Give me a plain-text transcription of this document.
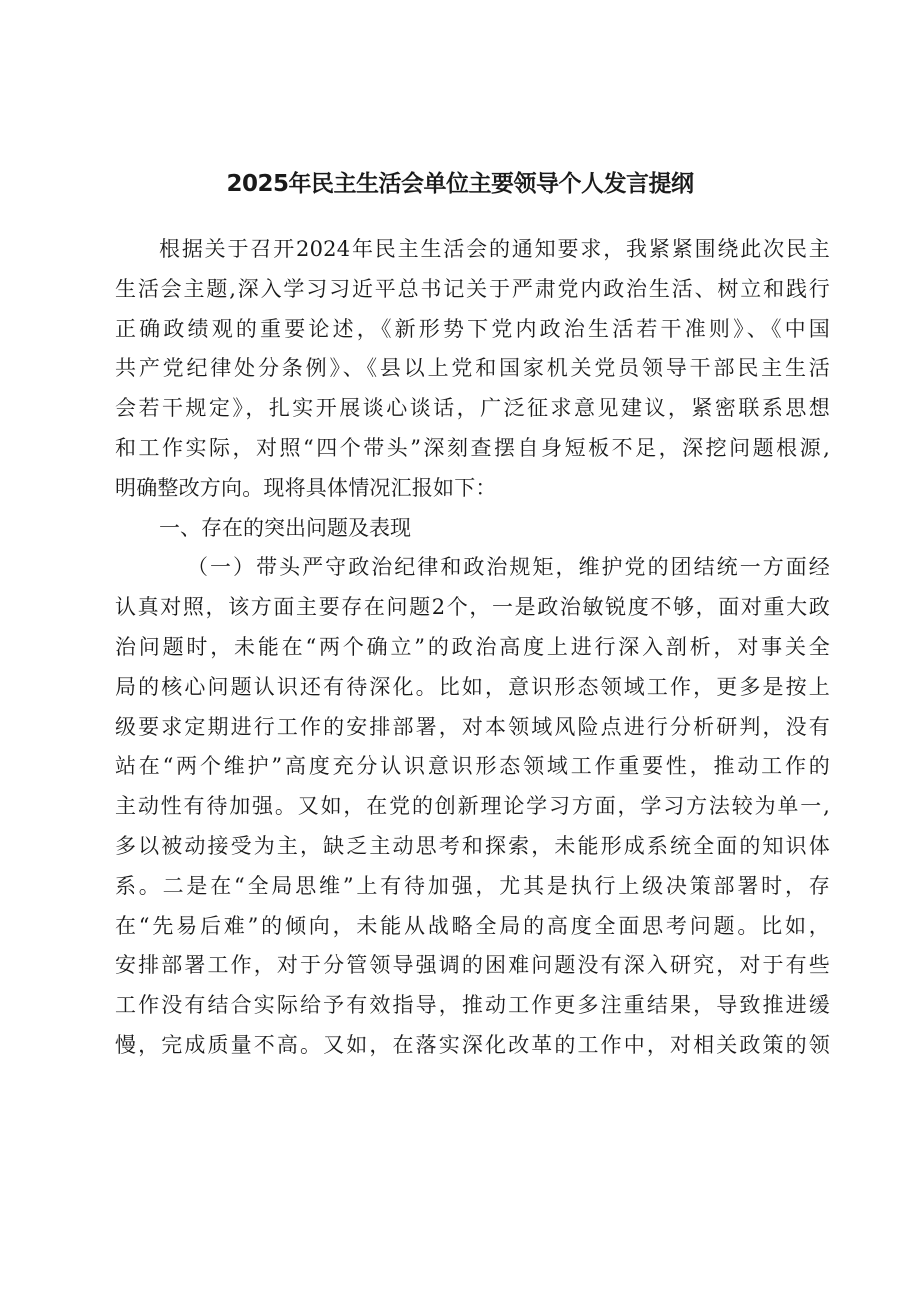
2025年民主生活会单位主要领导个人发言提纲
根据关于召开2024年民主生活会的通知要求，我紧紧围绕此次民主
生活会主题,深入学习习近平总书记关于严肃党内政治生活、树立和践行
正确政绩观的重要论述，《新形势下党内政治生活若干准则》、《中国
共产党纪律处分条例》、《县以上党和国家机关党员领导干部民主生活
会若干规定》，扎实开展谈心谈话，广泛征求意见建议，紧密联系思想
和工作实际，对照“四个带头”深刻查摆自身短板不足，深挖问题根源,
明确整改方向。现将具体情况汇报如下：
一、存在的突出问题及表现
（一）带头严守政治纪律和政治规矩，维护党的团结统一方面经
认真对照，该方面主要存在问题2个，一是政治敏锐度不够，面对重大政
治问题时，未能在“两个确立”的政治高度上进行深入剖析，对事关全
局的核心问题认识还有待深化。比如，意识形态领域工作，更多是按上
级要求定期进行工作的安排部署，对本领域风险点进行分析研判，没有
站在“两个维护”高度充分认识意识形态领域工作重要性，推动工作的
主动性有待加强。又如，在党的创新理论学习方面，学习方法较为单一,
多以被动接受为主，缺乏主动思考和探索，未能形成系统全面的知识体
系。二是在“全局思维”上有待加强，尤其是执行上级决策部署时，存
在“先易后难”的倾向，未能从战略全局的高度全面思考问题。比如，
安排部署工作，对于分管领导强调的困难问题没有深入研究，对于有些
工作没有结合实际给予有效指导，推动工作更多注重结果，导致推进缓
慢，完成质量不高。又如，在落实深化改革的工作中，对相关政策的领
